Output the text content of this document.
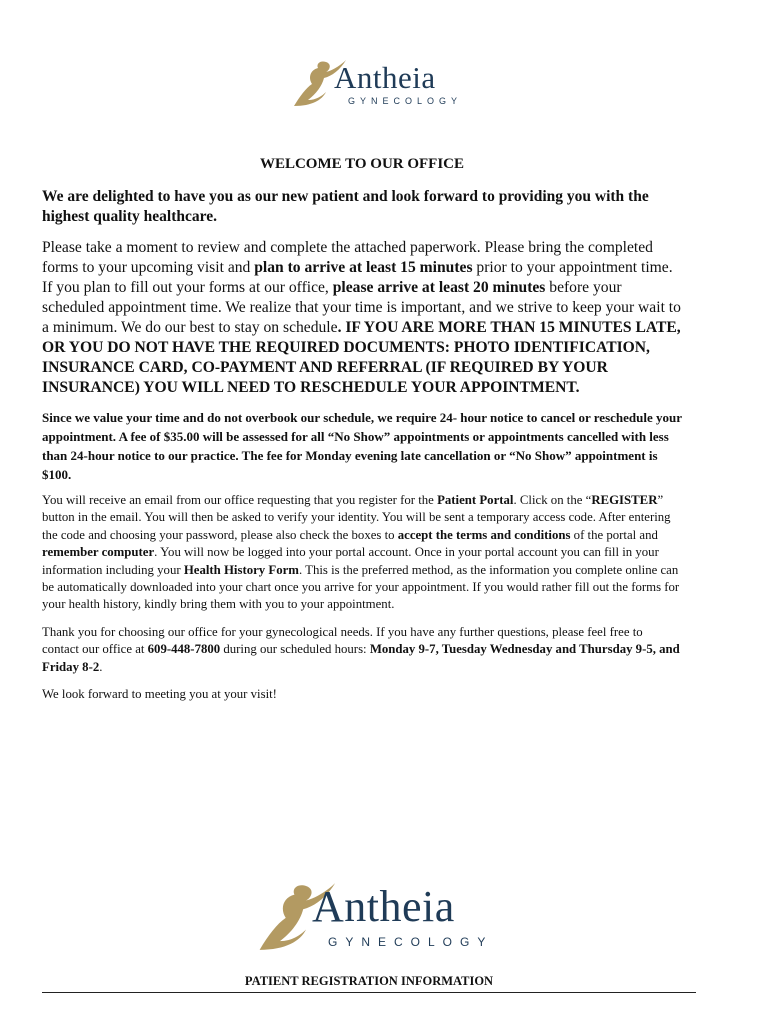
Antheia
GYNECOLOGY
WELCOME TO OUR OFFICE

We are delighted to have you as our new patient and look forward to providing you with the highest quality healthcare.

Please take a moment to review and complete the attached paperwork. Please bring the completed forms to your upcoming visit and plan to arrive at least 15 minutes prior to your appointment time. If you plan to fill out your forms at our office, please arrive at least 20 minutes before your scheduled appointment time. We realize that your time is important, and we strive to keep your wait to a minimum. We do our best to stay on schedule. IF YOU ARE MORE THAN 15 MINUTES LATE, OR YOU DO NOT HAVE THE REQUIRED DOCUMENTS: PHOTO IDENTIFICATION, INSURANCE CARD, CO-PAYMENT AND REFERRAL (IF REQUIRED BY YOUR INSURANCE) YOU WILL NEED TO RESCHEDULE YOUR APPOINTMENT.

Since we value your time and do not overbook our schedule, we require 24- hour notice to cancel or reschedule your appointment. A fee of $35.00 will be assessed for all “No Show” appointments or appointments cancelled with less than 24-hour notice to our practice. The fee for Monday evening late cancellation or “No Show” appointment is $100.

You will receive an email from our office requesting that you register for the Patient Portal. Click on the “REGISTER” button in the email. You will then be asked to verify your identity. You will be sent a temporary access code. After entering the code and choosing your password, please also check the boxes to accept the terms and conditions of the portal and remember computer. You will now be logged into your portal account. Once in your portal account you can fill in your information including your Health History Form. This is the preferred method, as the information you complete online can be automatically downloaded into your chart once you arrive for your appointment. If you would rather fill out the forms for your health history, kindly bring them with you to your appointment.

Thank you for choosing our office for your gynecological needs. If you have any further questions, please feel free to contact our office at 609-448-7800 during our scheduled hours: Monday 9-7, Tuesday Wednesday and Thursday 9-5, and Friday 8-2.

We look forward to meeting you at your visit!

Antheia
GYNECOLOGY
PATIENT REGISTRATION INFORMATION
